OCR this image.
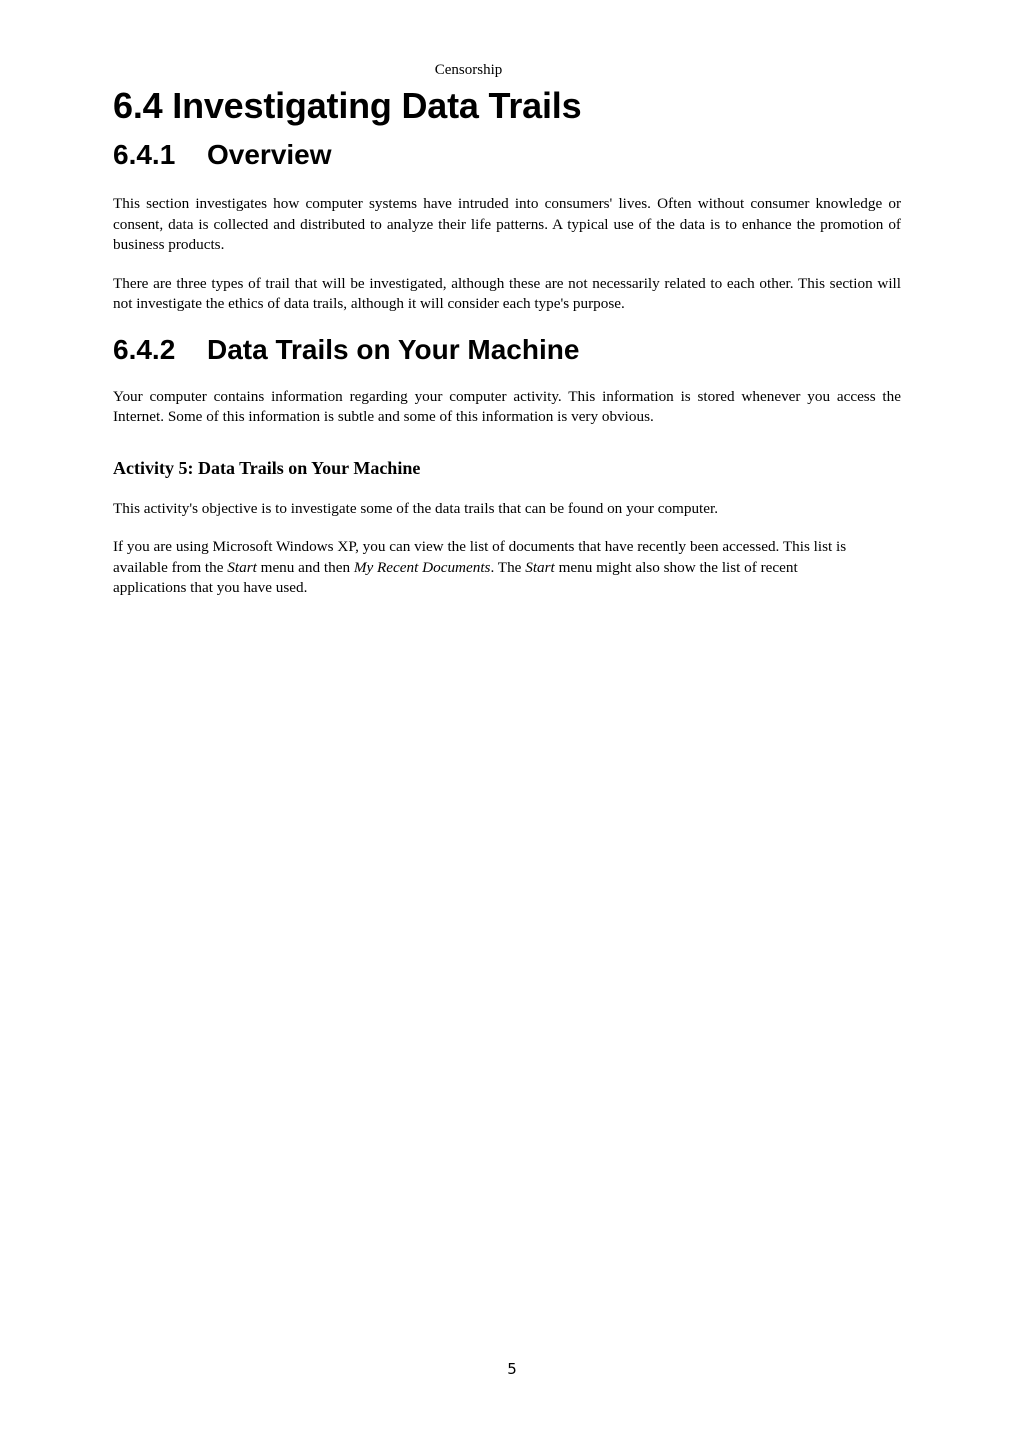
Censorship
6.4 Investigating Data Trails
6.4.1 Overview

This section investigates how computer systems have intruded into consumers' lives. Often without consumer knowledge or consent, data is collected and distributed to analyze their life patterns. A typical use of the data is to enhance the promotion of business products.

There are three types of trail that will be investigated, although these are not necessarily related to each other. This section will not investigate the ethics of data trails, although it will consider each type's purpose.

6.4.2 Data Trails on Your Machine

Your computer contains information regarding your computer activity. This information is stored whenever you access the Internet. Some of this information is subtle and some of this information is very obvious.

Activity 5: Data Trails on Your Machine

This activity's objective is to investigate some of the data trails that can be found on your computer.

If you are using Microsoft Windows XP, you can view the list of documents that have recently been accessed. This list is available from the Start menu and then My Recent Documents. The Start menu might also show the list of recent applications that you have used.

5
